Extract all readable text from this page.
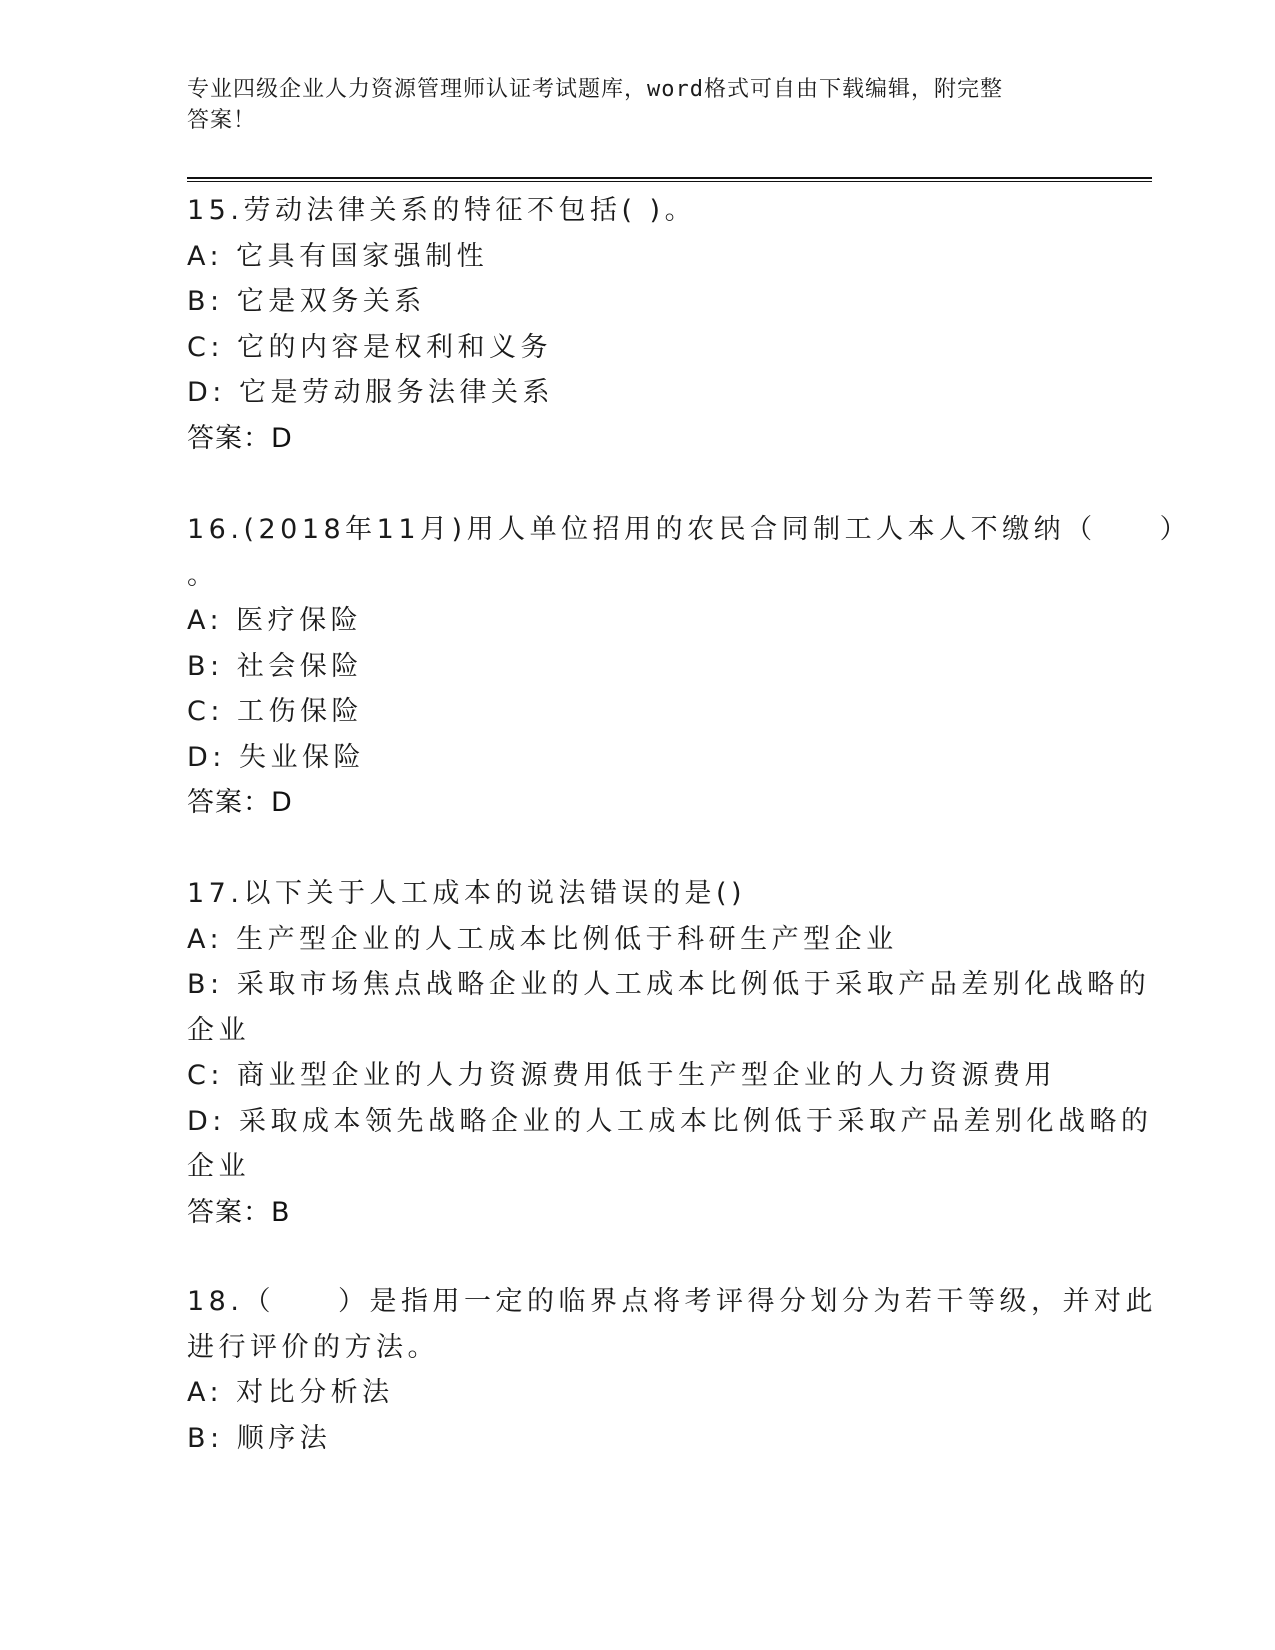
专业四级企业人力资源管理师认证考试题库，word格式可自由下载编辑，附完整
答案！
15.劳动法律关系的特征不包括( )。
A: 它具有国家强制性
B: 它是双务关系
C: 它的内容是权利和义务
D: 它是劳动服务法律关系
答案：D
16.(2018年11月)用人单位招用的农民合同制工人本人不缴纳（　　）
。
A: 医疗保险
B: 社会保险
C: 工伤保险
D: 失业保险
答案：D
17.以下关于人工成本的说法错误的是()
A: 生产型企业的人工成本比例低于科研生产型企业
B: 采取市场焦点战略企业的人工成本比例低于采取产品差别化战略的
企业
C: 商业型企业的人力资源费用低于生产型企业的人力资源费用
D: 采取成本领先战略企业的人工成本比例低于采取产品差别化战略的
企业
答案：B
18.（　　）是指用一定的临界点将考评得分划分为若干等级，并对此
进行评价的方法。
A: 对比分析法
B: 顺序法
